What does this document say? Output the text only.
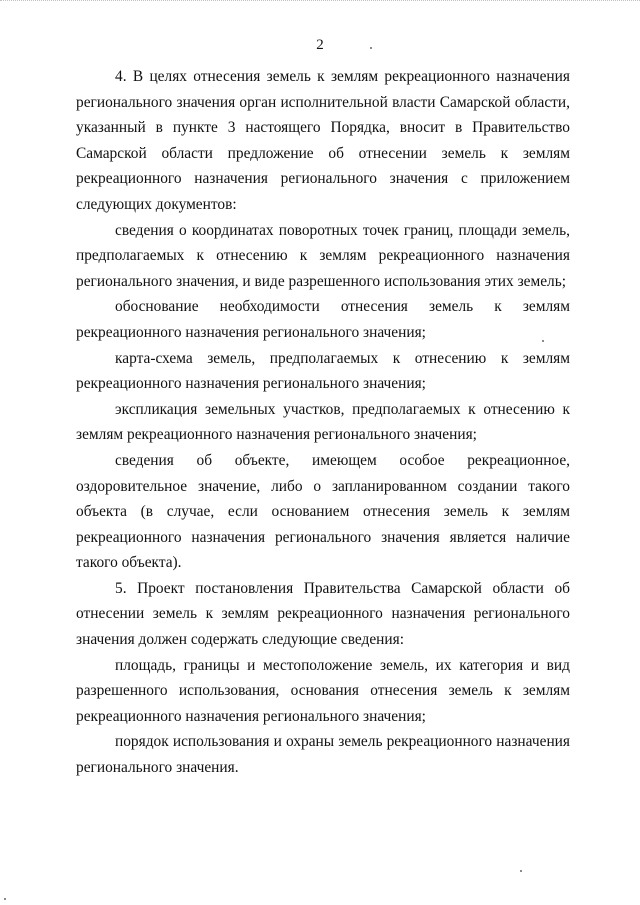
2

4. В целях отнесения земель к землям рекреационного назначения регионального значения орган исполнительной власти Самарской области, указанный в пункте 3 настоящего Порядка, вносит в Правительство Самарской области предложение об отнесении земель к землям рекреационного назначения регионального значения с приложением следующих документов:

сведения о координатах поворотных точек границ, площади земель, предполагаемых к отнесению к землям рекреационного назначения регионального значения, и виде разрешенного использования этих земель;

обоснование необходимости отнесения земель к землям рекреационного назначения регионального значения;

карта-схема земель, предполагаемых к отнесению к землям рекреационного назначения регионального значения;

экспликация земельных участков, предполагаемых к отнесению к землям рекреационного назначения регионального значения;

сведения об объекте, имеющем особое рекреационное, оздоровительное значение, либо о запланированном создании такого объекта (в случае, если основанием отнесения земель к землям рекреационного назначения регионального значения является наличие такого объекта).

5. Проект постановления Правительства Самарской области об отнесении земель к землям рекреационного назначения регионального значения должен содержать следующие сведения:

площадь, границы и местоположение земель, их категория и вид разрешенного использования, основания отнесения земель к землям рекреационного назначения регионального значения;

порядок использования и охраны земель рекреационного назначения регионального значения.
